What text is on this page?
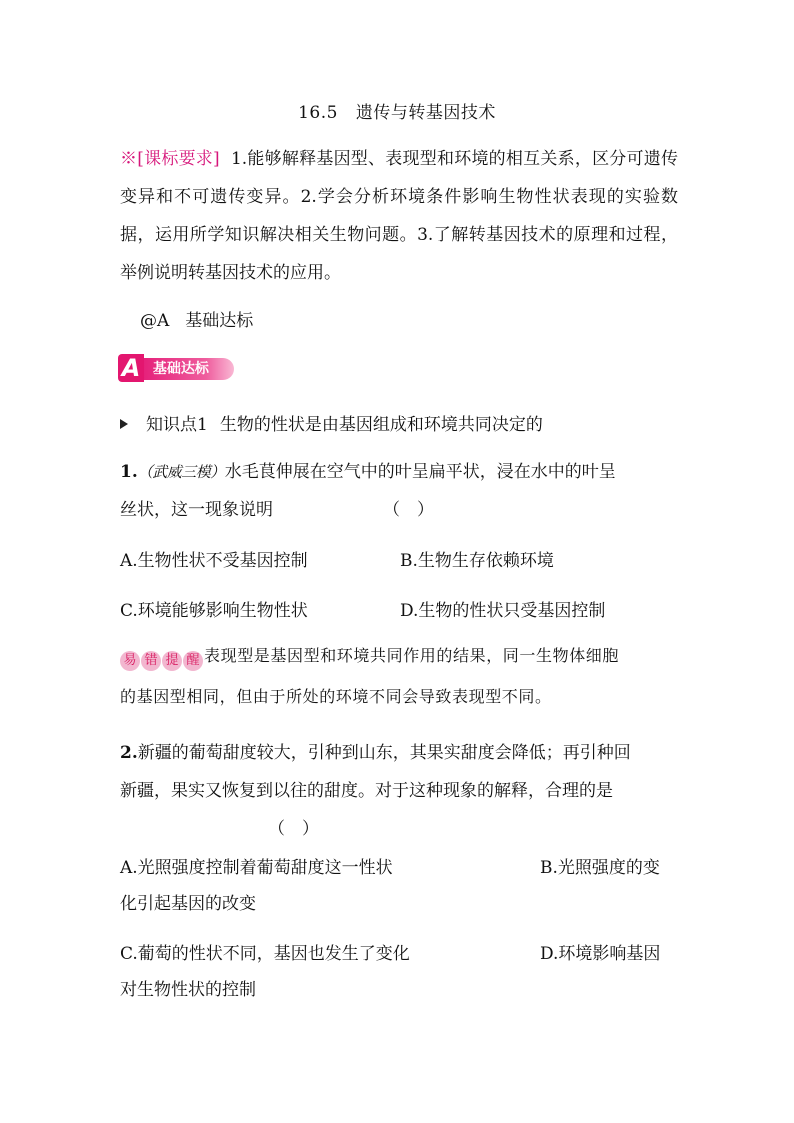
16.5 遗传与转基因技术
※[课标要求] 1.能够解释基因型、表现型和环境的相互关系，区分可遗传变异和不可遗传变异。2.学会分析环境条件影响生物性状表现的实验数据，运用所学知识解决相关生物问题。3.了解转基因技术的原理和过程，举例说明转基因技术的应用。
@A 基础达标
基础达标
A
知识点1 生物的性状是由基因组成和环境共同决定的
1.（武威三模）水毛茛伸展在空气中的叶呈扁平状，浸在水中的叶呈
丝状，这一现象说明	（　）
A.生物性状不受基因控制	B.生物生存依赖环境
C.环境能够影响生物性状	D.生物的性状只受基因控制
易 错 提 醒 表现型是基因型和环境共同作用的结果，同一生物体细胞
的基因型相同，但由于所处的环境不同会导致表现型不同。
2.新疆的葡萄甜度较大，引种到山东，其果实甜度会降低；再引种回
新疆，果实又恢复到以往的甜度。对于这种现象的解释，合理的是
（　）
A.光照强度控制着葡萄甜度这一性状	B.光照强度的变
化引起基因的改变
C.葡萄的性状不同，基因也发生了变化	D.环境影响基因
对生物性状的控制
